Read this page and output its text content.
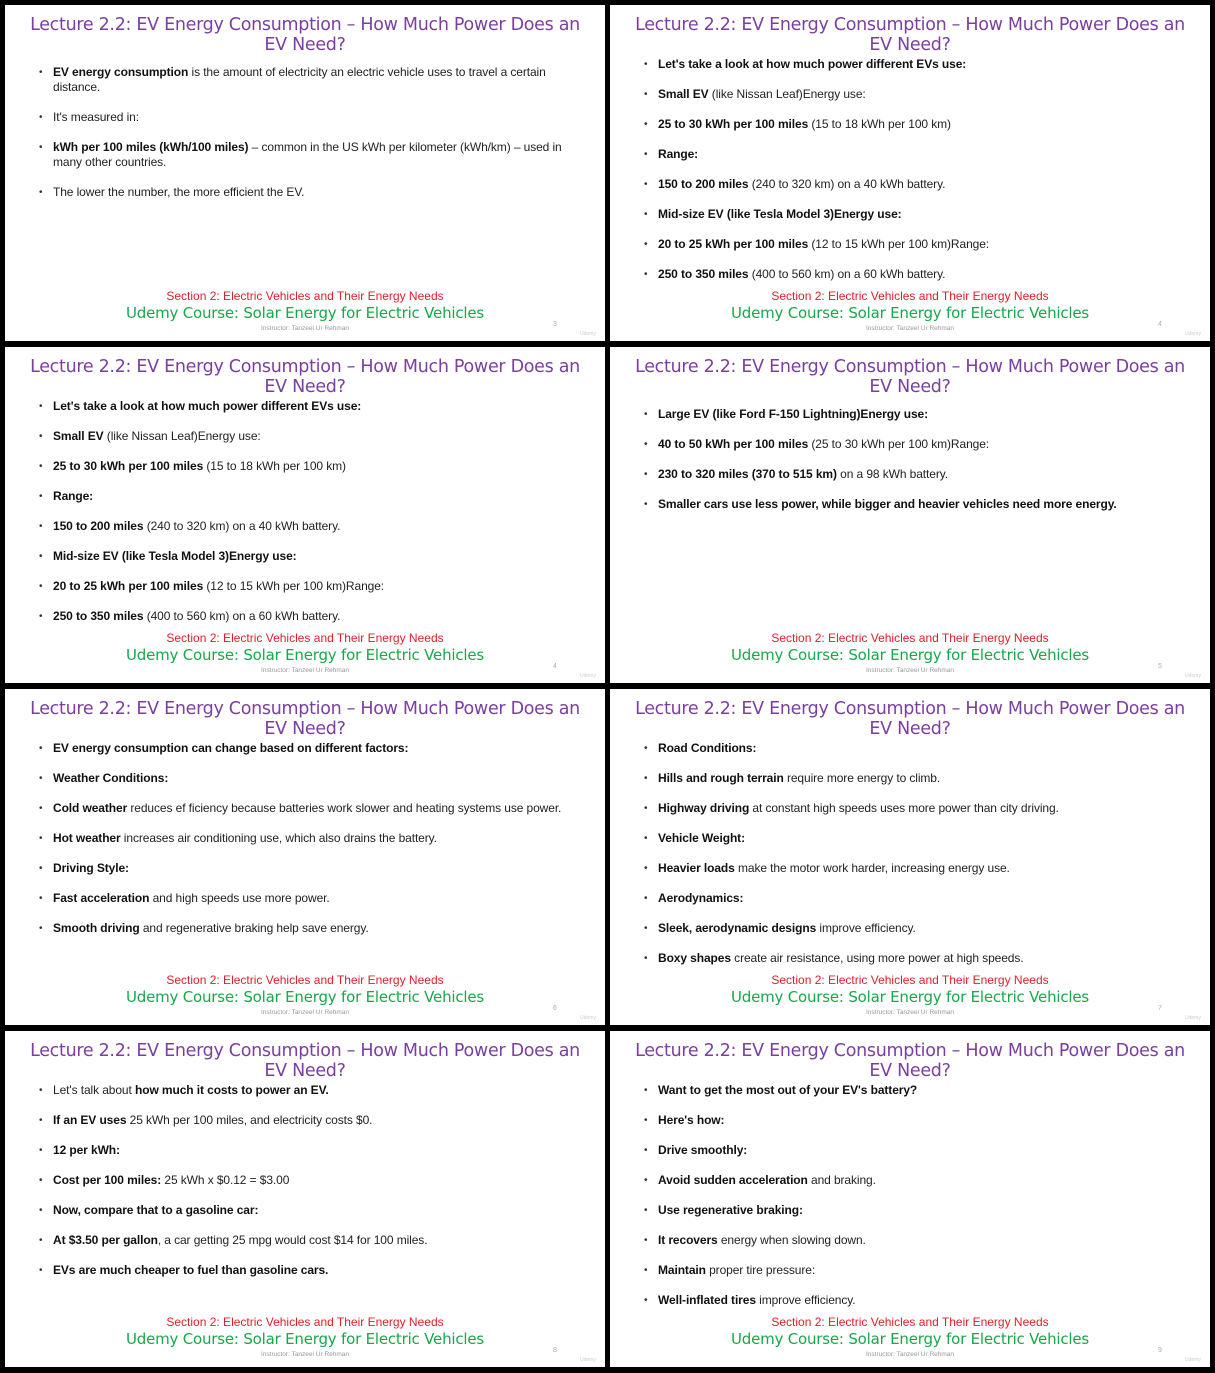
Lecture 2.2: EV Energy Consumption – How Much Power Does an EV Need?
• EV energy consumption is the amount of electricity an electric vehicle uses to travel a certain distance.
• It's measured in:
• kWh per 100 miles (kWh/100 miles) – common in the US kWh per kilometer (kWh/km) – used in many other countries.
• The lower the number, the more efficient the EV.
Section 2: Electric Vehicles and Their Energy Needs
Udemy Course: Solar Energy for Electric Vehicles
Instructor: Tanzeel Ur Rehman
3
Udemy
Lecture 2.2: EV Energy Consumption – How Much Power Does an EV Need?
• Let's take a look at how much power different EVs use:
• Small EV (like Nissan Leaf)Energy use:
• 25 to 30 kWh per 100 miles (15 to 18 kWh per 100 km)
• Range:
• 150 to 200 miles (240 to 320 km) on a 40 kWh battery.
• Mid-size EV (like Tesla Model 3)Energy use:
• 20 to 25 kWh per 100 miles (12 to 15 kWh per 100 km)Range:
• 250 to 350 miles (400 to 560 km) on a 60 kWh battery.
Section 2: Electric Vehicles and Their Energy Needs
Udemy Course: Solar Energy for Electric Vehicles
Instructor: Tanzeel Ur Rehman
4
Udemy
Lecture 2.2: EV Energy Consumption – How Much Power Does an EV Need?
• Let's take a look at how much power different EVs use:
• Small EV (like Nissan Leaf)Energy use:
• 25 to 30 kWh per 100 miles (15 to 18 kWh per 100 km)
• Range:
• 150 to 200 miles (240 to 320 km) on a 40 kWh battery.
• Mid-size EV (like Tesla Model 3)Energy use:
• 20 to 25 kWh per 100 miles (12 to 15 kWh per 100 km)Range:
• 250 to 350 miles (400 to 560 km) on a 60 kWh battery.
Section 2: Electric Vehicles and Their Energy Needs
Udemy Course: Solar Energy for Electric Vehicles
Instructor: Tanzeel Ur Rehman
4
Udemy
Lecture 2.2: EV Energy Consumption – How Much Power Does an EV Need?
• Large EV (like Ford F-150 Lightning)Energy use:
• 40 to 50 kWh per 100 miles (25 to 30 kWh per 100 km)Range:
• 230 to 320 miles (370 to 515 km) on a 98 kWh battery.
• Smaller cars use less power, while bigger and heavier vehicles need more energy.
Section 2: Electric Vehicles and Their Energy Needs
Udemy Course: Solar Energy for Electric Vehicles
Instructor: Tanzeel Ur Rehman
5
Udemy
Lecture 2.2: EV Energy Consumption – How Much Power Does an EV Need?
• EV energy consumption can change based on different factors:
• Weather Conditions:
• Cold weather reduces ef ficiency because batteries work slower and heating systems use power.
• Hot weather increases air conditioning use, which also drains the battery.
• Driving Style:
• Fast acceleration and high speeds use more power.
• Smooth driving and regenerative braking help save energy.
Section 2: Electric Vehicles and Their Energy Needs
Udemy Course: Solar Energy for Electric Vehicles
Instructor: Tanzeel Ur Rehman
6
Udemy
Lecture 2.2: EV Energy Consumption – How Much Power Does an EV Need?
• Road Conditions:
• Hills and rough terrain require more energy to climb.
• Highway driving at constant high speeds uses more power than city driving.
• Vehicle Weight:
• Heavier loads make the motor work harder, increasing energy use.
• Aerodynamics:
• Sleek, aerodynamic designs improve efficiency.
• Boxy shapes create air resistance, using more power at high speeds.
Section 2: Electric Vehicles and Their Energy Needs
Udemy Course: Solar Energy for Electric Vehicles
Instructor: Tanzeel Ur Rehman
7
Udemy
Lecture 2.2: EV Energy Consumption – How Much Power Does an EV Need?
• Let's talk about how much it costs to power an EV.
• If an EV uses 25 kWh per 100 miles, and electricity costs $0.
• 12 per kWh:
• Cost per 100 miles: 25 kWh x $0.12 = $3.00
• Now, compare that to a gasoline car:
• At $3.50 per gallon, a car getting 25 mpg would cost $14 for 100 miles.
• EVs are much cheaper to fuel than gasoline cars.
Section 2: Electric Vehicles and Their Energy Needs
Udemy Course: Solar Energy for Electric Vehicles
Instructor: Tanzeel Ur Rehman
8
Udemy
Lecture 2.2: EV Energy Consumption – How Much Power Does an EV Need?
• Want to get the most out of your EV's battery?
• Here's how:
• Drive smoothly:
• Avoid sudden acceleration and braking.
• Use regenerative braking:
• It recovers energy when slowing down.
• Maintain proper tire pressure:
• Well-inflated tires improve efficiency.
Section 2: Electric Vehicles and Their Energy Needs
Udemy Course: Solar Energy for Electric Vehicles
Instructor: Tanzeel Ur Rehman
9
Udemy
